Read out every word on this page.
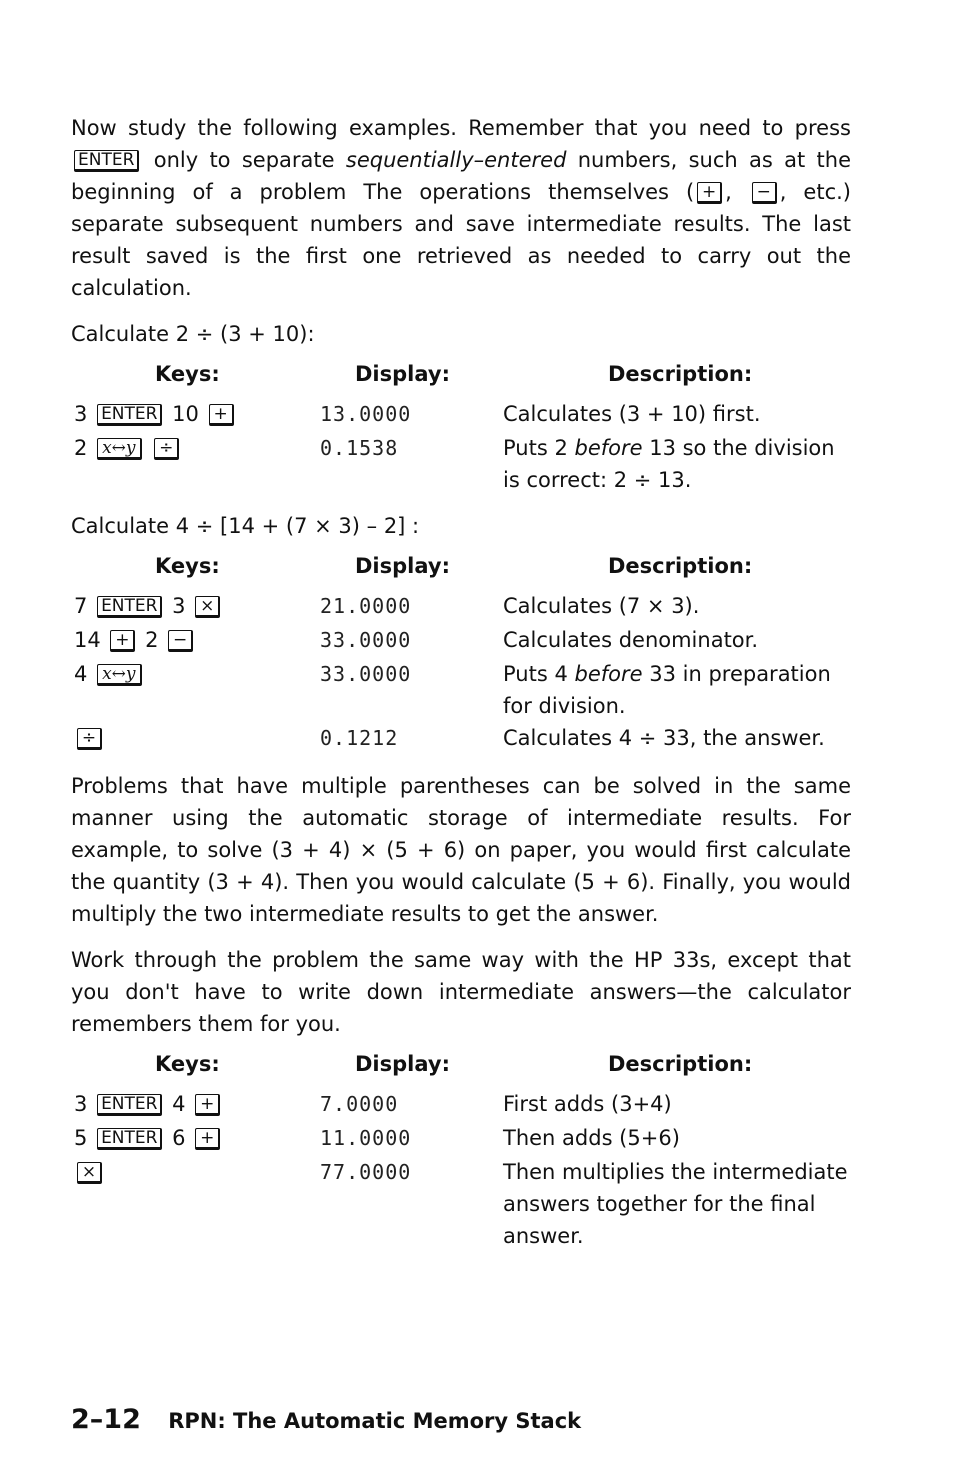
Now study the following examples. Remember that you need to press ENTER only to separate sequentially–entered numbers, such as at the beginning of a problem The operations themselves ( + , − , etc.) separate subsequent numbers and save intermediate results. The last result saved is the first one retrieved as needed to carry out the calculation.

Calculate 2 ÷ (3 + 10):

Keys:	Display:	Description:
3 ENTER 10 +	13.0000	Calculates (3 + 10) first.
2 x↔y ÷	0.1538	Puts 2 before 13 so the division is correct: 2 ÷ 13.

Calculate 4 ÷ [14 + (7 × 3) – 2] :

Keys:	Display:	Description:
7 ENTER 3 ×	21.0000	Calculates (7 × 3).
14 + 2 −	33.0000	Calculates denominator.
4 x↔y	33.0000	Puts 4 before 33 in preparation for division.
÷	0.1212	Calculates 4 ÷ 33, the answer.

Problems that have multiple parentheses can be solved in the same manner using the automatic storage of intermediate results. For example, to solve (3 + 4) × (5 + 6) on paper, you would first calculate the quantity (3 + 4). Then you would calculate (5 + 6). Finally, you would multiply the two intermediate results to get the answer.

Work through the problem the same way with the HP 33s, except that you don't have to write down intermediate answers—the calculator remembers them for you.

Keys:	Display:	Description:
3 ENTER 4 +	7.0000	First adds (3+4)
5 ENTER 6 +	11.0000	Then adds (5+6)
×	77.0000	Then multiplies the intermediate answers together for the final answer.
2–12 RPN: The Automatic Memory Stack
